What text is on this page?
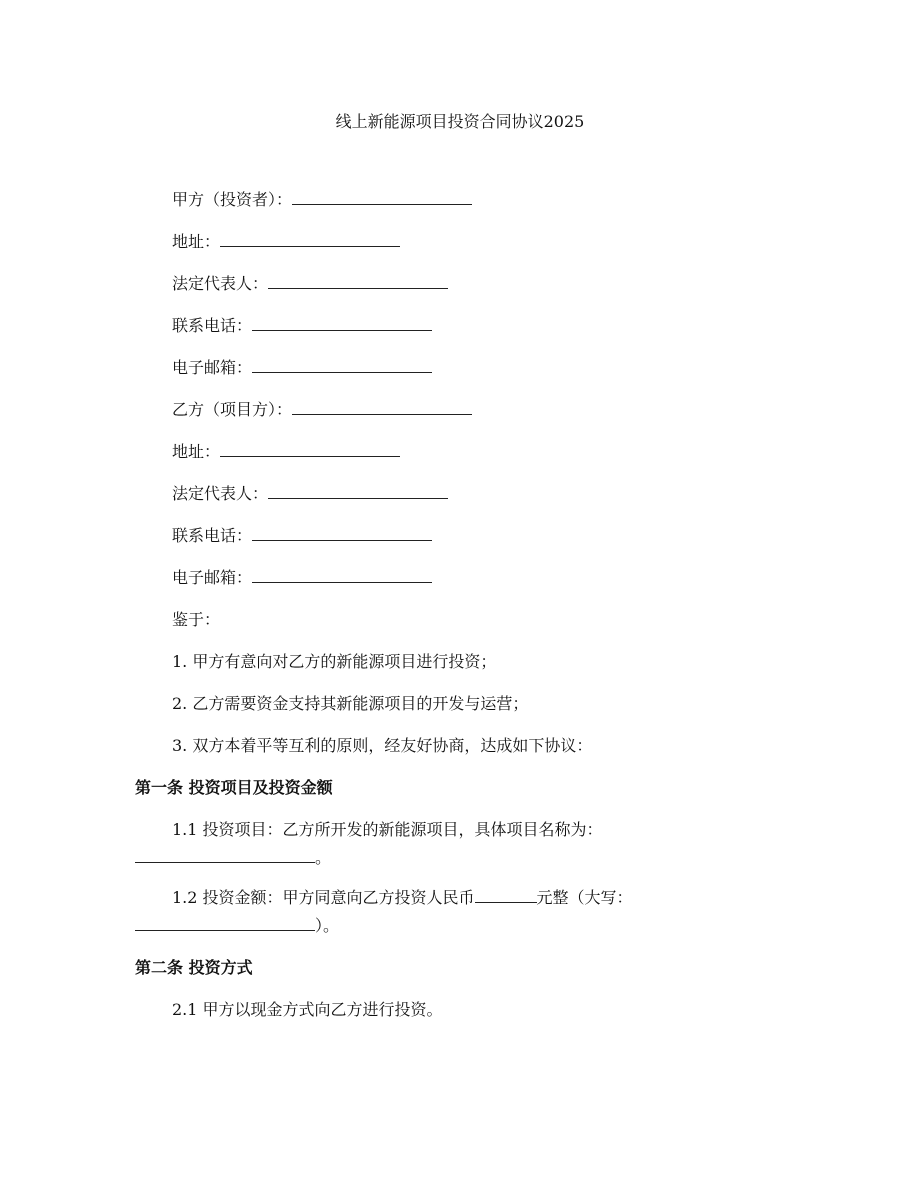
线上新能源项目投资合同协议2025
甲方（投资者）：
地址：
法定代表人：
联系电话：
电子邮箱：
乙方（项目方）：
地址：
法定代表人：
联系电话：
电子邮箱：
鉴于：
1. 甲方有意向对乙方的新能源项目进行投资；
2. 乙方需要资金支持其新能源项目的开发与运营；
3. 双方本着平等互利的原则，经友好协商，达成如下协议：
第一条 投资项目及投资金额
1.1 投资项目：乙方所开发的新能源项目，具体项目名称为：
。
1.2 投资金额：甲方同意向乙方投资人民币	元整（大写：
）。
第二条 投资方式
2.1 甲方以现金方式向乙方进行投资。
